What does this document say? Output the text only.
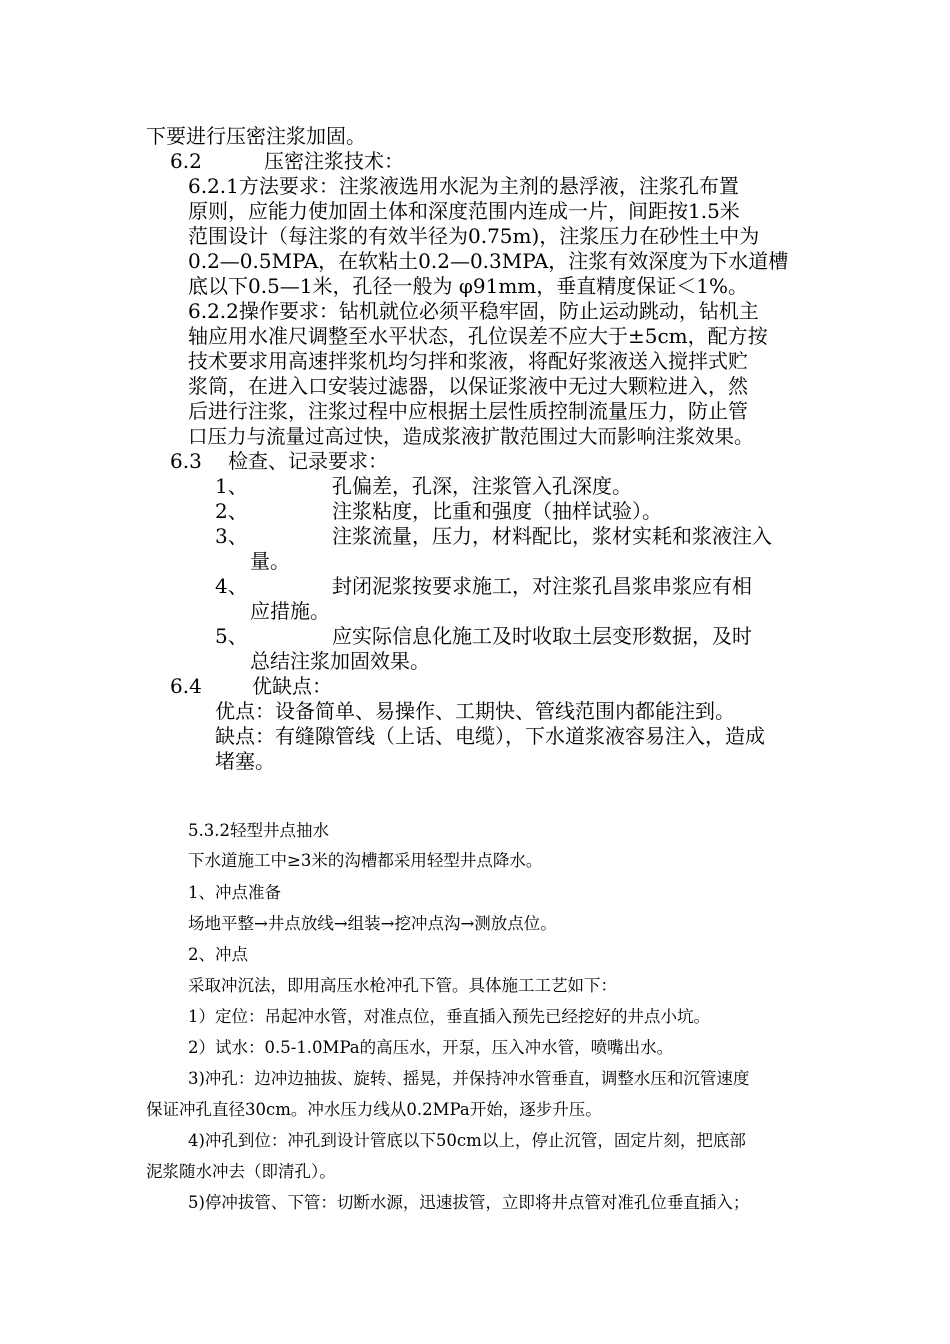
下要进行压密注浆加固。
6.2	压密注浆技术：
6.2.1方法要求：注浆液选用水泥为主剂的悬浮液，注浆孔布置
原则，应能力使加固土体和深度范围内连成一片，间距按1.5米
范围设计（每注浆的有效半径为0.75m)，注浆压力在砂性土中为
0.2—0.5MPA，在软粘土0.2—0.3MPA，注浆有效深度为下水道槽
底以下0.5—1米，孔径一般为 φ91mm，垂直精度保证＜1%。
6.2.2操作要求：钻机就位必须平稳牢固，防止运动跳动，钻机主
轴应用水准尺调整至水平状态，孔位误差不应大于±5cm，配方按
技术要求用高速拌浆机均匀拌和浆液，将配好浆液送入搅拌式贮
浆筒，在进入口安装过滤器，以保证浆液中无过大颗粒进入，然
后进行注浆，注浆过程中应根据土层性质控制流量压力，防止管
口压力与流量过高过快，造成浆液扩散范围过大而影响注浆效果。
6.3 检查、记录要求：
1、	孔偏差，孔深，注浆管入孔深度。
2、	注浆粘度，比重和强度（抽样试验）。
3、	注浆流量，压力，材料配比，浆材实耗和浆液注入
量。
4、	封闭泥浆按要求施工，对注浆孔昌浆串浆应有相
应措施。
5、	应实际信息化施工及时收取土层变形数据，及时
总结注浆加固效果。
6.4	优缺点：
优点：设备简单、易操作、工期快、管线范围内都能注到。
缺点：有缝隙管线（上话、电缆），下水道浆液容易注入，造成
堵塞。
5.3.2轻型井点抽水
下水道施工中≥3米的沟槽都采用轻型井点降水。
1、冲点准备
场地平整→井点放线→组装→挖冲点沟→测放点位。
2、冲点
采取冲沉法，即用高压水枪冲孔下管。具体施工工艺如下：
1）定位：吊起冲水管，对准点位，垂直插入预先已经挖好的井点小坑。
2）试水：0.5-1.0MPa的高压水，开泵，压入冲水管，喷嘴出水。
3)冲孔：边冲边抽拔、旋转、摇晃，并保持冲水管垂直，调整水压和沉管速度
保证冲孔直径30cm。冲水压力线从0.2MPa开始，逐步升压。
4)冲孔到位：冲孔到设计管底以下50cm以上，停止沉管，固定片刻，把底部
泥浆随水冲去（即清孔）。
5)停冲拔管、下管：切断水源，迅速拔管，立即将井点管对准孔位垂直插入；
